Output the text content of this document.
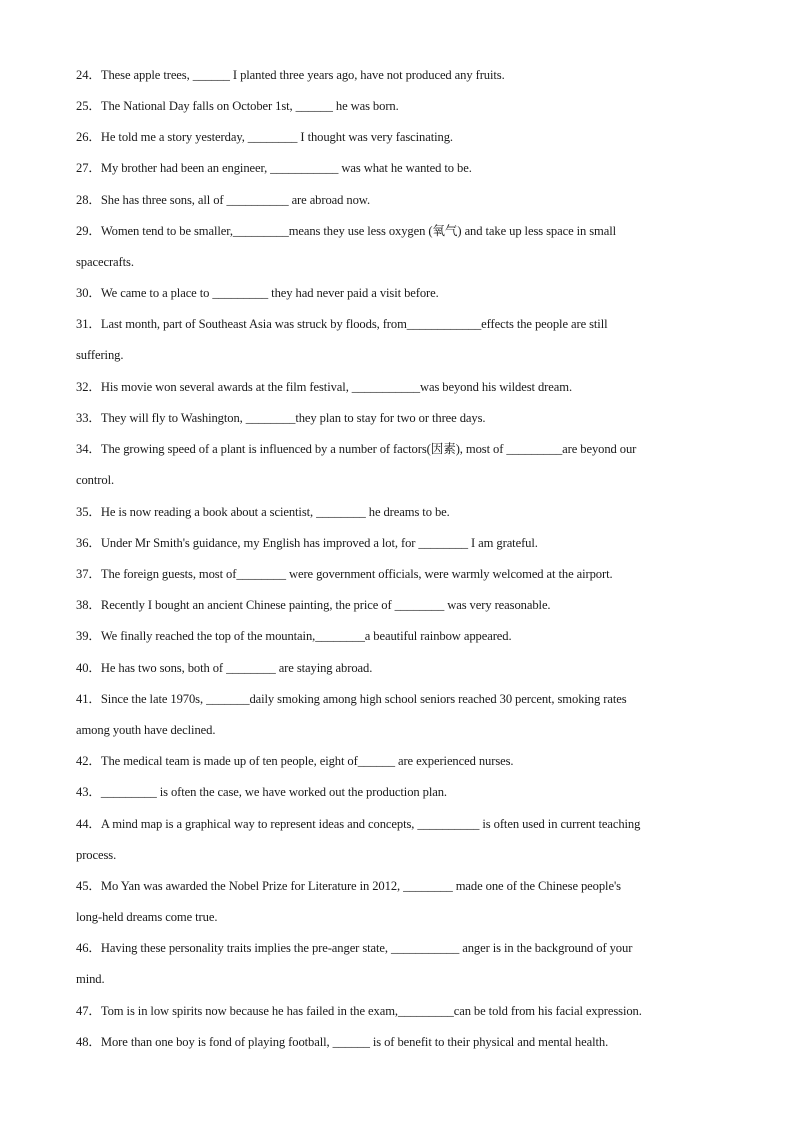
24．These apple trees, ______ I planted three years ago, have not produced any fruits.
25．The National Day falls on October 1st, ______ he was born.
26．He told me a story yesterday, ________ I thought was very fascinating.
27．My brother had been an engineer, ___________ was what he wanted to be.
28．She has three sons, all of __________ are abroad now.
29．Women tend to be smaller,_________means they use less oxygen (氧气) and take up less space in small
spacecrafts.
30．We came to a place to _________ they had never paid a visit before.
31．Last month, part of Southeast Asia was struck by floods, from____________effects the people are still
suffering.
32．His movie won several awards at the film festival, ___________was beyond his wildest dream.
33．They will fly to Washington, ________they plan to stay for two or three days.
34．The growing speed of a plant is influenced by a number of factors(因素), most of _________are beyond our
control.
35．He is now reading a book about a scientist, ________ he dreams to be.
36．Under Mr Smith's guidance, my English has improved a lot, for ________ I am grateful.
37．The foreign guests, most of________ were government officials, were warmly welcomed at the airport.
38．Recently I bought an ancient Chinese painting, the price of ________ was very reasonable.
39．We finally reached the top of the mountain,________a beautiful rainbow appeared.
40．He has two sons, both of ________ are staying abroad.
41．Since the late 1970s, _______daily smoking among high school seniors reached 30 percent, smoking rates
among youth have declined.
42．The medical team is made up of ten people, eight of______ are experienced nurses.
43．_________ is often the case, we have worked out the production plan.
44．A mind map is a graphical way to represent ideas and concepts, __________ is often used in current teaching
process.
45．Mo Yan was awarded the Nobel Prize for Literature in 2012, ________ made one of the Chinese people's
long-held dreams come true.
46．Having these personality traits implies the pre-anger state, ___________ anger is in the background of your
mind.
47．Tom is in low spirits now because he has failed in the exam,_________can be told from his facial expression.
48．More than one boy is fond of playing football, ______ is of benefit to their physical and mental health.
